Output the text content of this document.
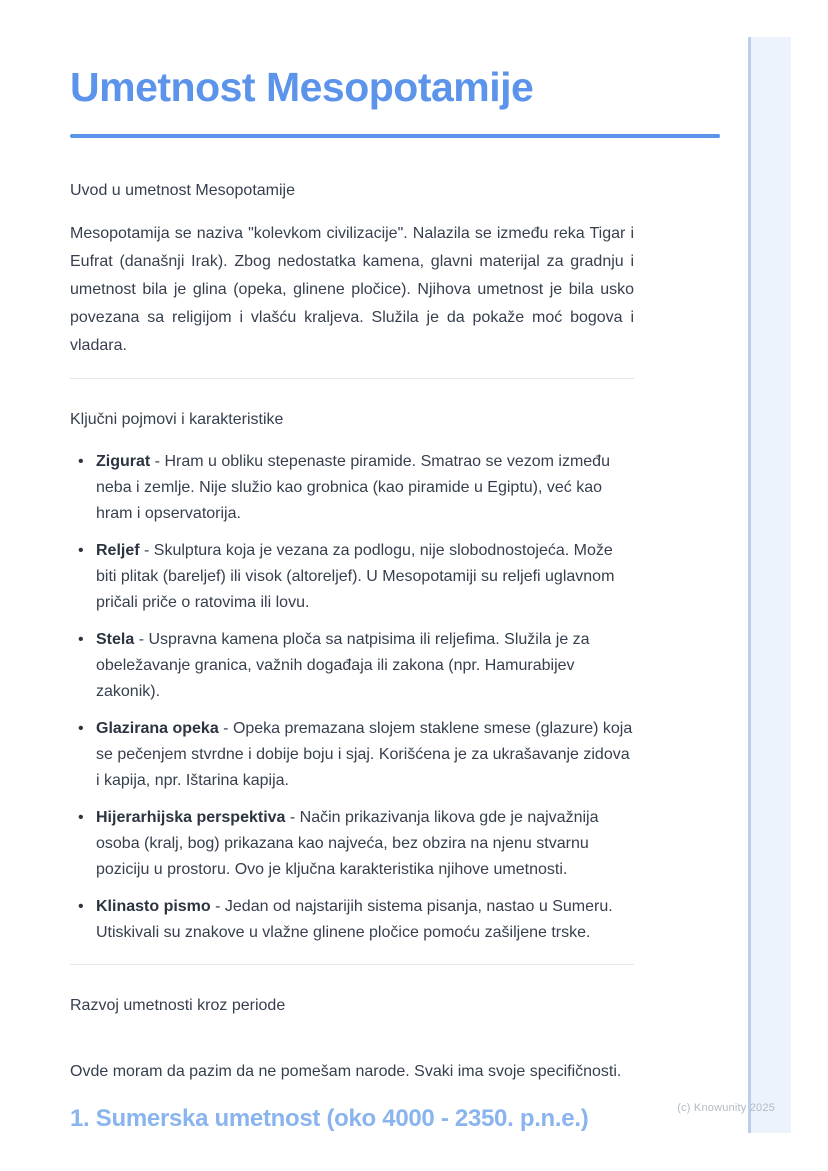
Umetnost Mesopotamije

Uvod u umetnost Mesopotamije

Mesopotamija se naziva "kolevkom civilizacije". Nalazila se između reka Tigar i Eufrat (današnji Irak). Zbog nedostatka kamena, glavni materijal za gradnju i umetnost bila je glina (opeka, glinene pločice). Njihova umetnost je bila usko povezana sa religijom i vlašću kraljeva. Služila je da pokaže moć bogova i vladara.

Ključni pojmovi i karakteristike

• Zigurat - Hram u obliku stepenaste piramide. Smatrao se vezom između neba i zemlje. Nije služio kao grobnica (kao piramide u Egiptu), već kao hram i opservatorija.
• Reljef - Skulptura koja je vezana za podlogu, nije slobodnostojeća. Može biti plitak (bareljef) ili visok (altoreljef). U Mesopotamiji su reljefi uglavnom pričali priče o ratovima ili lovu.
• Stela - Uspravna kamena ploča sa natpisima ili reljefima. Služila je za obeležavanje granica, važnih događaja ili zakona (npr. Hamurabijev zakonik).
• Glazirana opeka - Opeka premazana slojem staklene smese (glazure) koja se pečenjem stvrdne i dobije boju i sjaj. Korišćena je za ukrašavanje zidova i kapija, npr. Ištarina kapija.
• Hijerarhijska perspektiva - Način prikazivanja likova gde je najvažnija osoba (kralj, bog) prikazana kao najveća, bez obzira na njenu stvarnu poziciju u prostoru. Ovo je ključna karakteristika njihove umetnosti.
• Klinasto pismo - Jedan od najstarijih sistema pisanja, nastao u Sumeru. Utiskivali su znakove u vlažne glinene pločice pomoću zašiljene trske.

Razvoj umetnosti kroz periode

Ovde moram da pazim da ne pomešam narode. Svaki ima svoje specifičnosti.

1. Sumerska umetnost (oko 4000 - 2350. p.n.e.)	(c) Knowunity 2025
